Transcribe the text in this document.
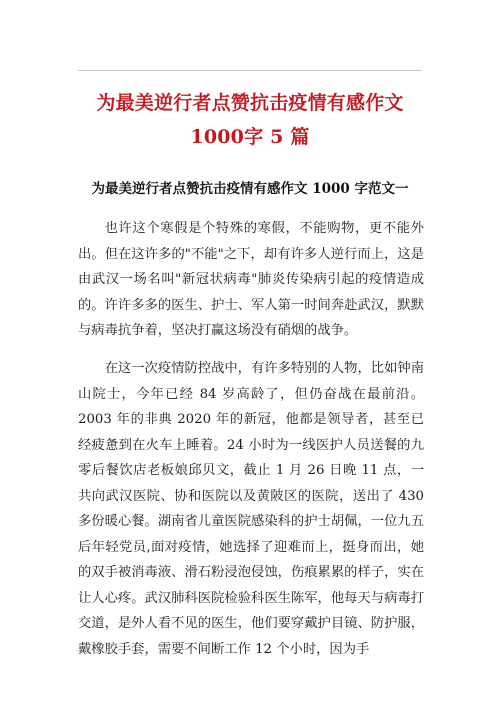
为最美逆行者点赞抗击疫情有感作文 1000字 5 篇
为最美逆行者点赞抗击疫情有感作文 1000 字范文一

也许这个寒假是个特殊的寒假，不能购物，更不能外出。但在这许多的"不能"之下，却有许多人逆行而上，这是由武汉一场名叫"新冠状病毒"肺炎传染病引起的疫情造成的。许许多多的医生、护士、军人第一时间奔赴武汉，默默与病毒抗争着，坚决打赢这场没有硝烟的战争。

在这一次疫情防控战中，有许多特别的人物，比如钟南山院士，今年已经 84 岁高龄了，但仍奋战在最前沿。2003 年的非典 2020 年的新冠，他都是领导者，甚至已经疲惫到在火车上睡着。24 小时为一线医护人员送餐的九零后餐饮店老板娘邱贝文，截止 1 月 26 日晚 11 点，一共向武汉医院、协和医院以及黄陂区的医院，送出了 430 多份暖心餐。湖南省儿童医院感染科的护士胡佩，一位九五后年轻党员,面对疫情，她选择了迎难而上，挺身而出，她的双手被消毒液、滑石粉浸泡侵蚀，伤痕累累的样子，实在让人心疼。武汉肺科医院检验科医生陈军，他每天与病毒打交道，是外人看不见的医生，他们要穿戴护目镜、防护服，戴橡胶手套，需要不间断工作 12 个小时，因为手
